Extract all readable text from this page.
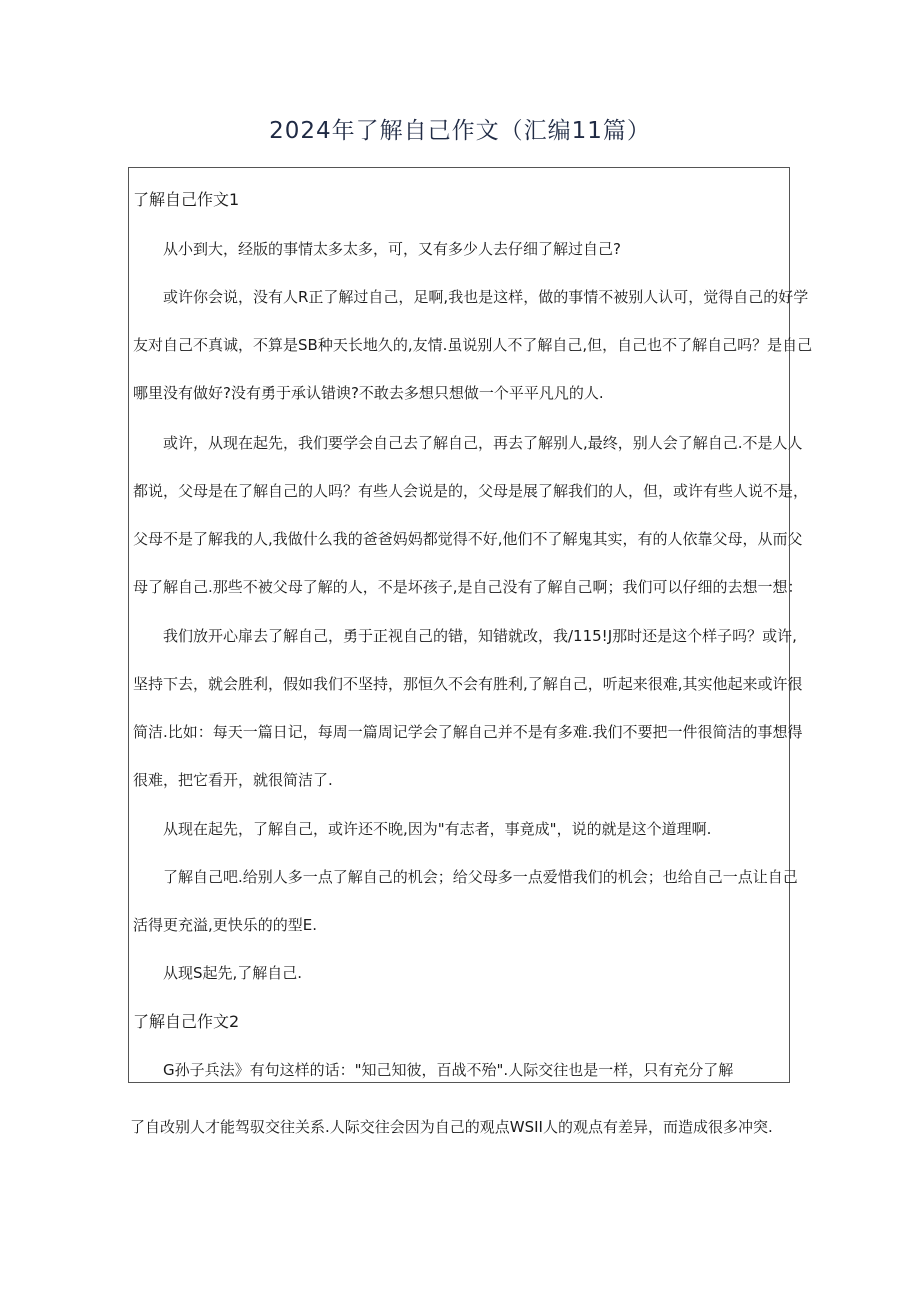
2024年了解自己作文（汇编11篇）
了解自己作文1

从小到大，经版的事情太多太多，可，又有多少人去仔细了解过自己?

或许你会说，没有人R正了解过自己，足啊,我也是这样，做的事情不被别人认可，觉得自己的好学

友对自己不真诚，不算是SB种天长地久的,友情.虽说别人不了解自己,但，自己也不了解自己吗？是自己

哪里没有做好?没有勇于承认错谀?不敢去多想只想做一个平平凡凡的人.

或许，从现在起先，我们要学会自己去了解自己，再去了解别人,最终，别人会了解自己.不是人人

都说，父母是在了解自己的人吗？有些人会说是的，父母是展了解我们的人，但，或许有些人说不是，

父母不是了解我的人,我做什么我的爸爸妈妈都觉得不好,他们不了解鬼其实，有的人依靠父母，从而父

母了解自己.那些不被父母了解的人，不是坏孩子,是自己没有了解自己啊；我们可以仔细的去想一想：

我们放开心扉去了解自己，勇于正视自己的错，知错就改，我/115!J那时还是这个样子吗？或许,

坚持下去，就会胜利，假如我们不坚持，那恒久不会有胜利,了解自己，听起来很难,其实他起来或许很

简洁.比如：每天一篇日记，每周一篇周记学会了解自己并不是有多难.我们不要把一件很简洁的事想得

很难，把它看开，就很简洁了.

从现在起先，了解自己，或许还不晚,因为"有志者，事竟成"，说的就是这个道理啊.

了解自己吧.给别人多一点了解自己的机会；给父母多一点爱惜我们的机会；也给自己一点让自己

活得更充溢,更快乐的的型E.

从现S起先,了解自己.

了解自己作文2

G孙子兵法》有句这样的话："知己知彼，百战不殆".人际交往也是一样，只有充分了解

了自改别人才能驾驭交往关系.人际交往会因为自己的观点WSII人的观点有差异，而造成很多冲突.
